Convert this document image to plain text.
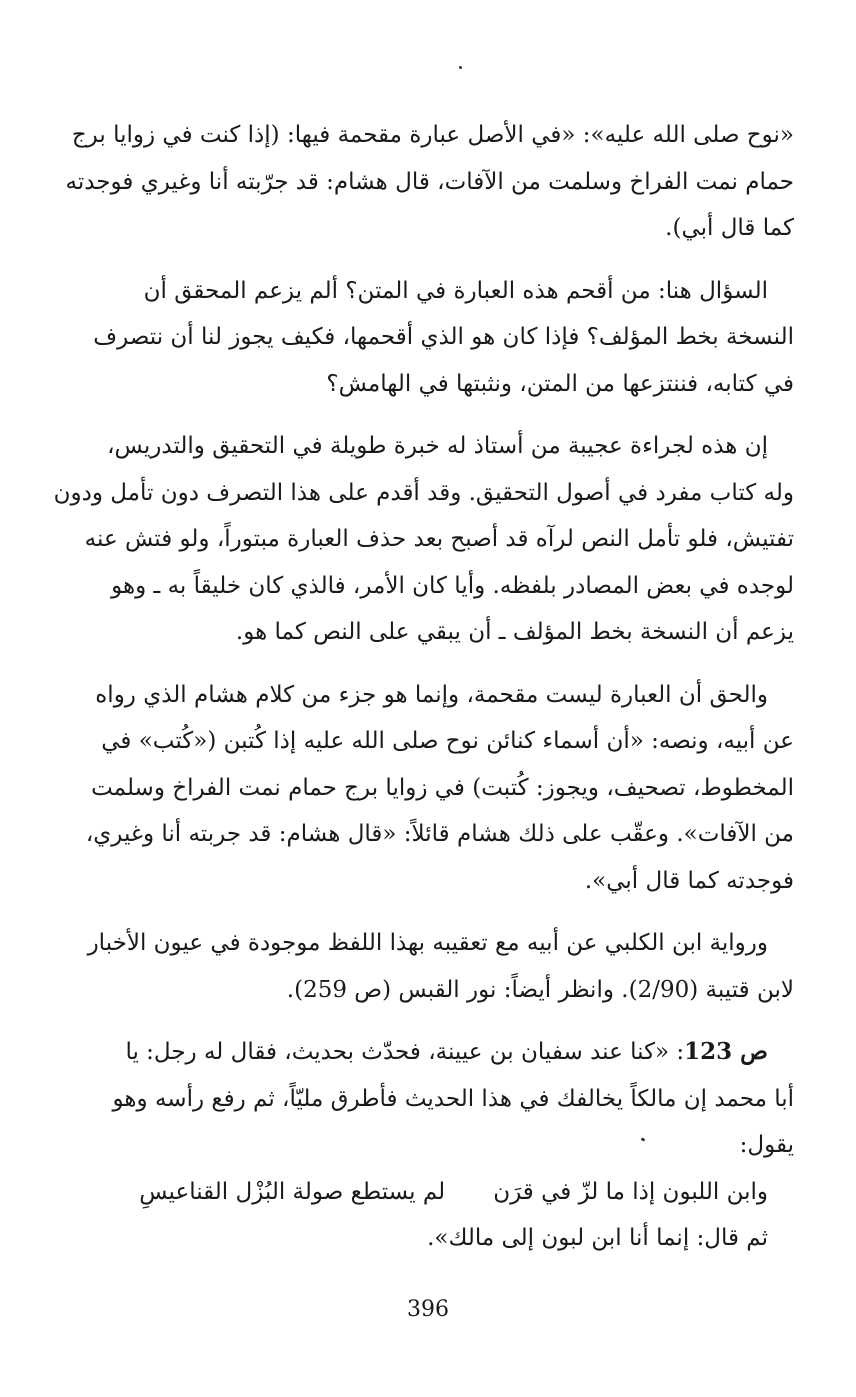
«نوح صلى الله عليه»: «في الأصل عبارة مقحمة فيها: (إذا كنت في زوايا برج

حمام نمت الفراخ وسلمت من الآفات، قال هشام: قد جرّبته أنا وغيري فوجدته

كما قال أبي).

السؤال هنا: من أقحم هذه العبارة في المتن؟ ألم يزعم المحقق أن

النسخة بخط المؤلف؟ فإذا كان هو الذي أقحمها، فكيف يجوز لنا أن نتصرف

في كتابه، فننتزعها من المتن، ونثبتها في الهامش؟

إن هذه لجراءة عجيبة من أستاذ له خبرة طويلة في التحقيق والتدريس،

وله كتاب مفرد في أصول التحقيق. وقد أقدم على هذا التصرف دون تأمل ودون

تفتيش، فلو تأمل النص لرآه قد أصبح بعد حذف العبارة مبتوراً، ولو فتش عنه

لوجده في بعض المصادر بلفظه. وأيا كان الأمر، فالذي كان خليقاً به ـ وهو

يزعم أن النسخة بخط المؤلف ـ أن يبقي على النص كما هو.

والحق أن العبارة ليست مقحمة، وإنما هو جزء من كلام هشام الذي رواه

عن أبيه، ونصه: «أن أسماء كنائن نوح صلى الله عليه إذا كُتبن («كُتب» في

المخطوط، تصحيف، ويجوز: كُتبت) في زوايا برج حمام نمت الفراخ وسلمت

من الآفات». وعقّب على ذلك هشام قائلاً: «قال هشام: قد جربته أنا وغيري،

فوجدته كما قال أبي».

ورواية ابن الكلبي عن أبيه مع تعقيبه بهذا اللفظ موجودة في عيون الأخبار

لابن قتيبة (2/90). وانظر أيضاً: نور القبس (ص 259).

ص 123: «كنا عند سفيان بن عيينة، فحدّث بحديث، فقال له رجل: يا

أبا محمد إن مالكاً يخالفك في هذا الحديث فأطرق مليّاً، ثم رفع رأسه وهو

يقول:

وابن اللبون إذا ما لزّ في قرَن
لم يستطع صولة البُزْل القناعيسِ

ثم قال: إنما أنا ابن لبون إلى مالك».

396
